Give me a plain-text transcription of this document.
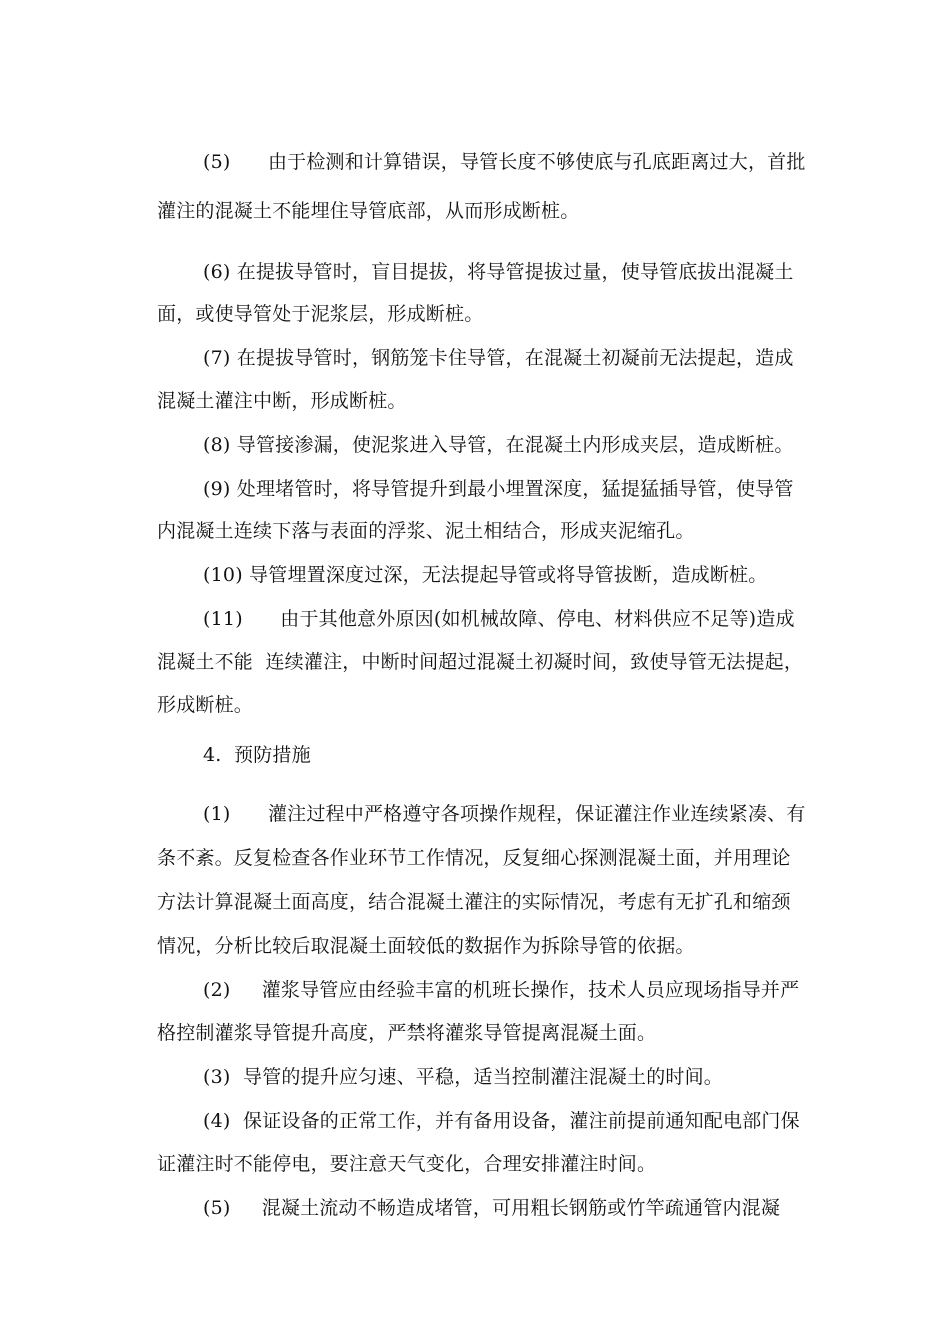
(5)      由于检测和计算错误，导管长度不够使底与孔底距离过大，首批
灌注的混凝土不能埋住导管底部，从而形成断桩。
(6) 在提拔导管时，盲目提拔，将导管提拔过量，使导管底拔出混凝土
面，或使导管处于泥浆层，形成断桩。
(7) 在提拔导管时，钢筋笼卡住导管，在混凝土初凝前无法提起，造成
混凝土灌注中断，形成断桩。
(8) 导管接渗漏，使泥浆进入导管，在混凝土内形成夹层，造成断桩。
(9) 处理堵管时，将导管提升到最小埋置深度，猛提猛插导管，使导管
内混凝土连续下落与表面的浮浆、泥土相结合，形成夹泥缩孔。
(10) 导管埋置深度过深，无法提起导管或将导管拔断，造成断桩。
(11)      由于其他意外原因(如机械故障、停电、材料供应不足等)造成
混凝土不能  连续灌注，中断时间超过混凝土初凝时间，致使导管无法提起，
形成断桩。
4.  预防措施
(1)      灌注过程中严格遵守各项操作规程，保证灌注作业连续紧凑、有
条不紊。反复检查各作业环节工作情况，反复细心探测混凝土面，并用理论
方法计算混凝土面高度，结合混凝土灌注的实际情况，考虑有无扩孔和缩颈
情况，分析比较后取混凝土面较低的数据作为拆除导管的依据。
(2)     灌浆导管应由经验丰富的机班长操作，技术人员应现场指导并严
格控制灌浆导管提升高度，严禁将灌浆导管提离混凝土面。
(3)  导管的提升应匀速、平稳，适当控制灌注混凝土的时间。
(4)  保证设备的正常工作，并有备用设备，灌注前提前通知配电部门保
证灌注时不能停电，要注意天气变化，合理安排灌注时间。
(5)     混凝土流动不畅造成堵管，可用粗长钢筋或竹竿疏通管内混凝
